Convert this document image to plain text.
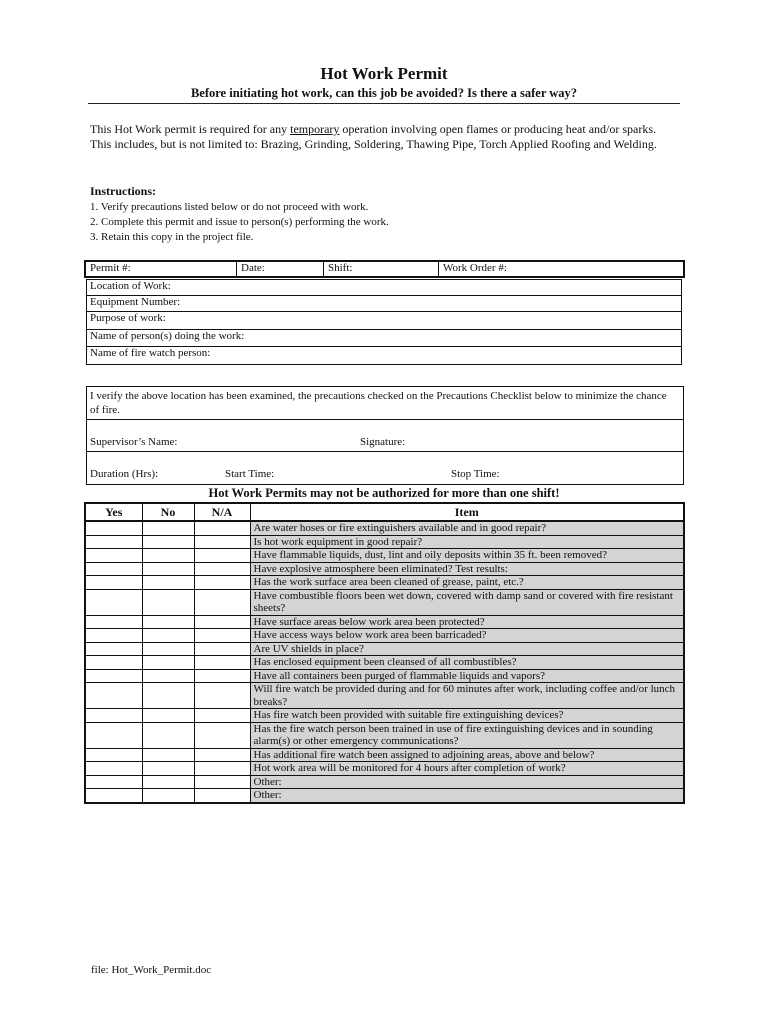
Hot Work Permit
Before initiating hot work, can this job be avoided? Is there a safer way?
This Hot Work permit is required for any temporary operation involving open flames or producing heat and/or sparks. This includes, but is not limited to: Brazing, Grinding, Soldering, Thawing Pipe, Torch Applied Roofing and Welding.
Instructions:
1. Verify precautions listed below or do not proceed with work.
2. Complete this permit and issue to person(s) performing the work.
3. Retain this copy in the project file.
Permit #:	Date:	Shift:	Work Order #:
Location of Work:
Equipment Number:
Purpose of work:
Name of person(s) doing the work:
Name of fire watch person:
I verify the above location has been examined, the precautions checked on the Precautions Checklist below to minimize the chance of fire.
Supervisor’s Name:	Signature:
Duration (Hrs):	Start Time:	Stop Time:
Hot Work Permits may not be authorized for more than one shift!
Yes	No	N/A	Item
			Are water hoses or fire extinguishers available and in good repair?
			Is hot work equipment in good repair?
			Have flammable liquids, dust, lint and oily deposits within 35 ft. been removed?
			Have explosive atmosphere been eliminated? Test results:
			Has the work surface area been cleaned of grease, paint, etc.?
			Have combustible floors been wet down, covered with damp sand or covered with fire resistant sheets?
			Have surface areas below work area been protected?
			Have access ways below work area been barricaded?
			Are UV shields in place?
			Has enclosed equipment been cleansed of all combustibles?
			Have all containers been purged of flammable liquids and vapors?
			Will fire watch be provided during and for 60 minutes after work, including coffee and/or lunch breaks?
			Has fire watch been provided with suitable fire extinguishing devices?
			Has the fire watch person been trained in use of fire extinguishing devices and in sounding alarm(s) or other emergency communications?
			Has additional fire watch been assigned to adjoining areas, above and below?
			Hot work area will be monitored for 4 hours after completion of work?
			Other:
			Other:
file: Hot_Work_Permit.doc
